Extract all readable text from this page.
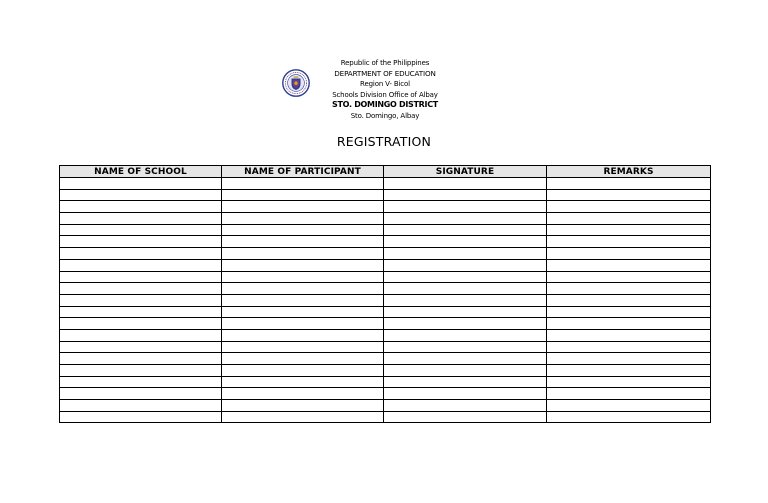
Republic of the Philippines
DEPARTMENT OF EDUCATION
Region V- Bicol
Schools Division Office of Albay
STO. DOMINGO DISTRICT
Sto. Domingo, Albay
REGISTRATION
NAME OF SCHOOL	NAME OF PARTICIPANT	SIGNATURE	REMARKS
